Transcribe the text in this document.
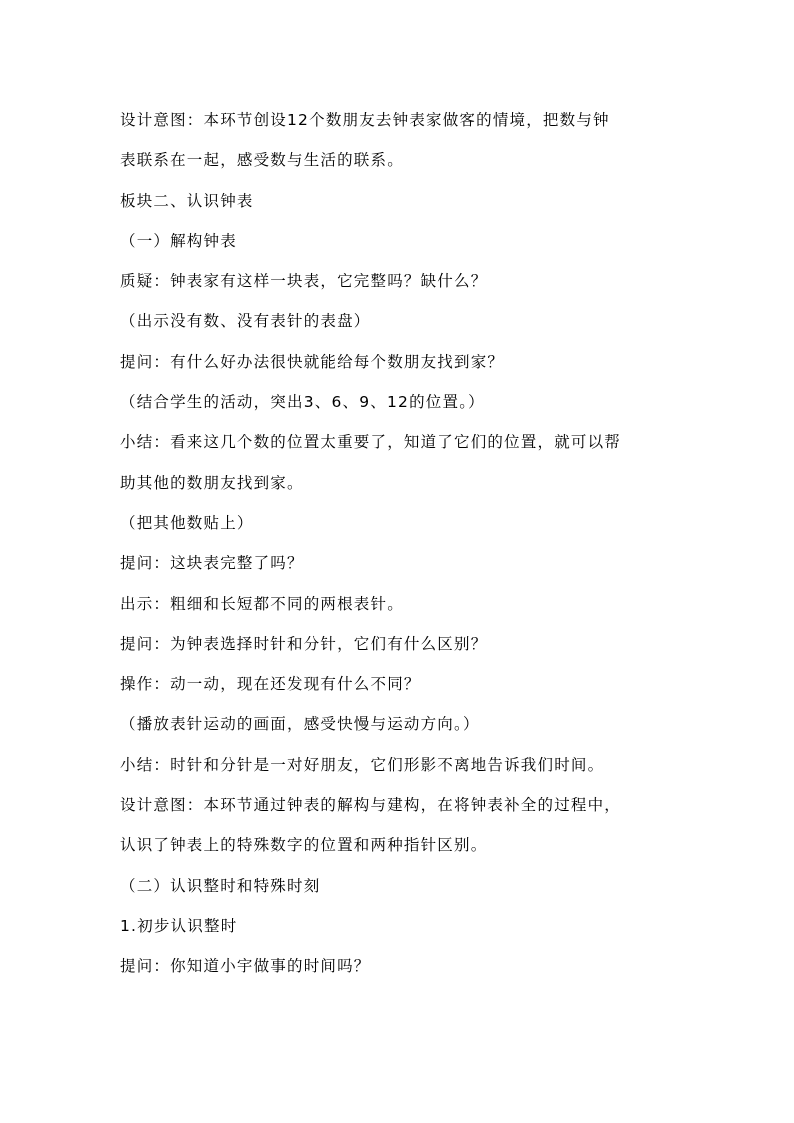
设计意图：本环节创设12个数朋友去钟表家做客的情境，把数与钟
表联系在一起，感受数与生活的联系。
板块二、认识钟表
（一）解构钟表
质疑：钟表家有这样一块表，它完整吗？缺什么？
（出示没有数、没有表针的表盘）
提问：有什么好办法很快就能给每个数朋友找到家？
（结合学生的活动，突出3、6、9、12的位置。）
小结：看来这几个数的位置太重要了，知道了它们的位置，就可以帮
助其他的数朋友找到家。
（把其他数贴上）
提问：这块表完整了吗？
出示：粗细和长短都不同的两根表针。
提问：为钟表选择时针和分针，它们有什么区别？
操作：动一动，现在还发现有什么不同？
（播放表针运动的画面，感受快慢与运动方向。）
小结：时针和分针是一对好朋友，它们形影不离地告诉我们时间。
设计意图：本环节通过钟表的解构与建构，在将钟表补全的过程中，
认识了钟表上的特殊数字的位置和两种指针区别。
（二）认识整时和特殊时刻
1.初步认识整时
提问：你知道小宇做事的时间吗？
